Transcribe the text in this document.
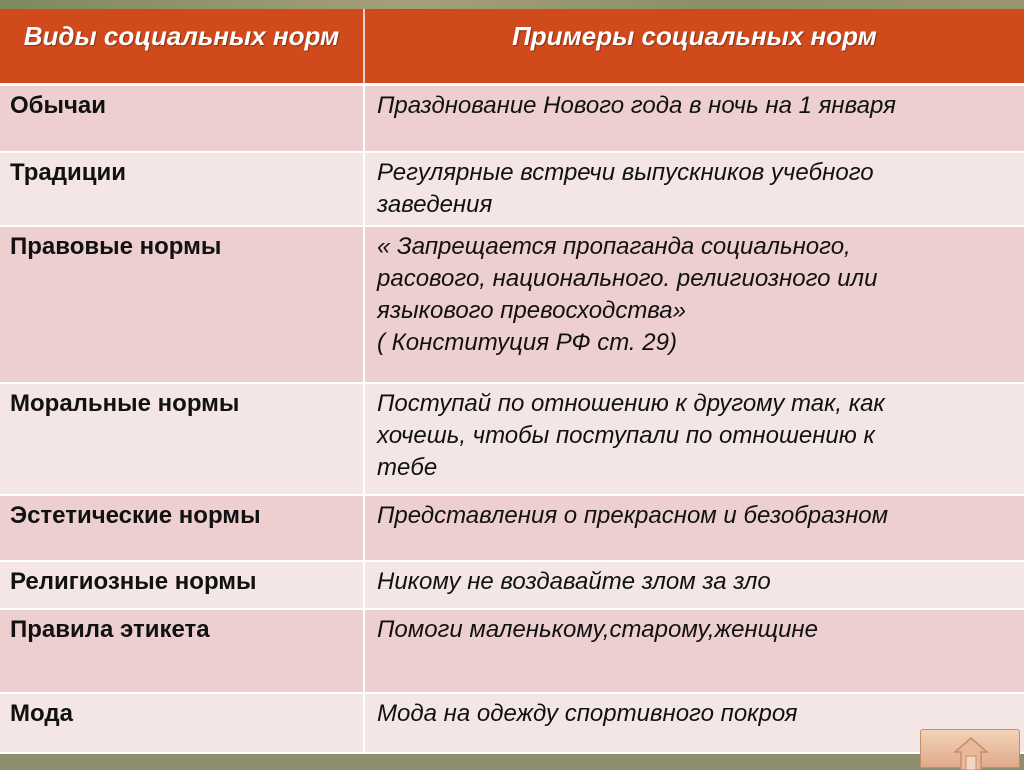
Виды социальных норм	Примеры социальных норм
Обычаи	Празднование Нового года в ночь на 1 января

Традиции	Регулярные встречи выпускников учебного
заведения

Правовые нормы	« Запрещается пропаганда социального,
расового, национального. религиозного или
языкового превосходства»
( Конституция РФ ст. 29)

Моральные нормы	Поступай по отношению к другому так, как
хочешь, чтобы поступали по отношению к
тебе

Эстетические нормы	Представления о прекрасном и безобразном

Религиозные нормы	Никому не воздавайте злом за зло

Правила этикета	Помоги маленькому,старому,женщине

Мода	Мода на одежду спортивного покроя
